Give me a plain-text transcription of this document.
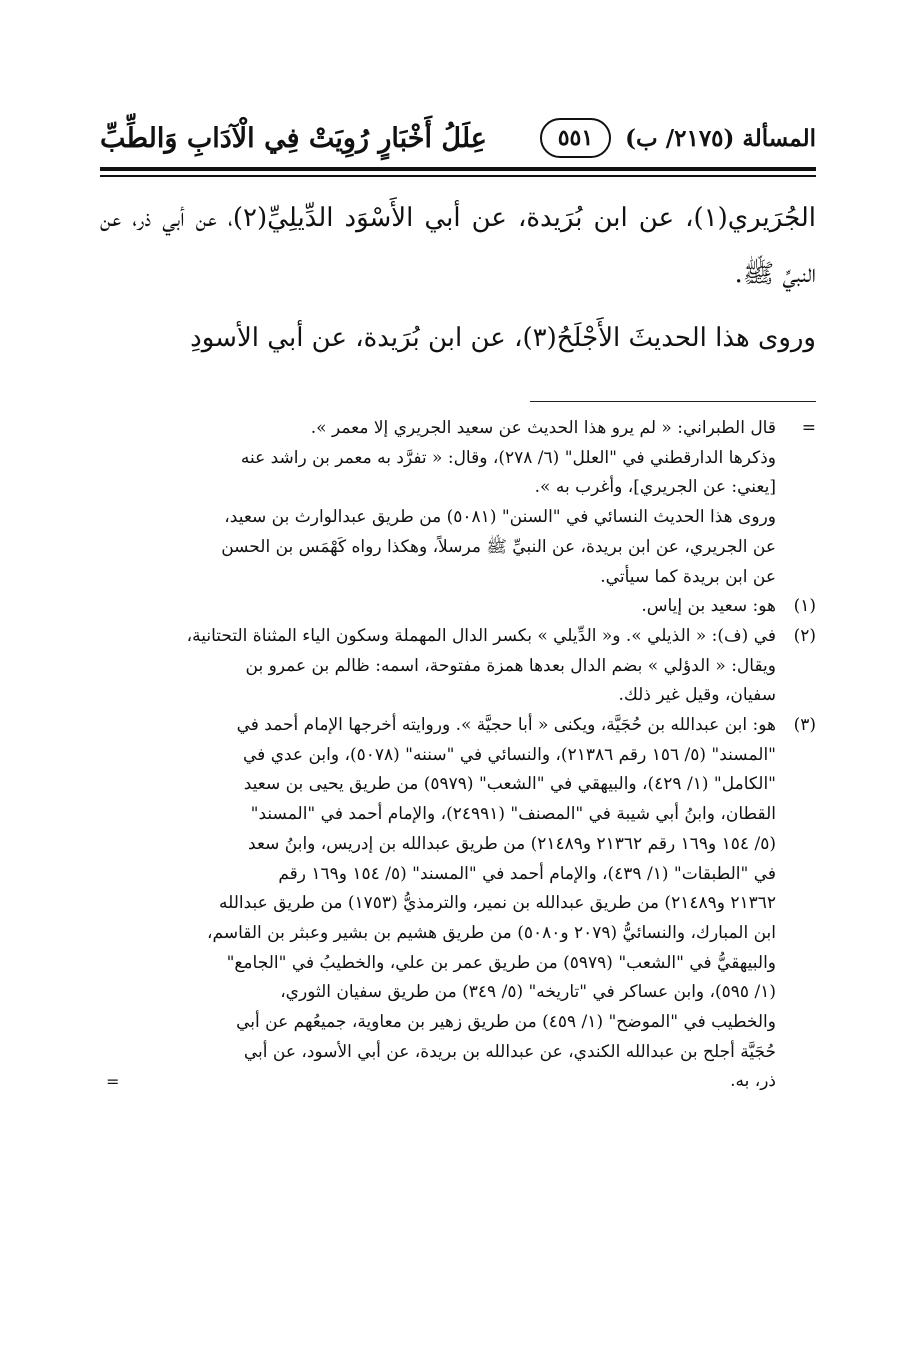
عِلَلُ أَخْبَارٍ رُوِيَتْ فِي الْآدَابِ وَالطِّبِّ	المسألة (٢١٧٥/ ب)
٥٥١

الجُرَيري(١)، عن ابن بُرَيدة، عن أبي الأَسْوَد الدِّيلِيِّ(٢)، عن أبي ذر، عن النبيِّ ﷺ.

وروى هذا الحديثَ الأَجْلَحُ(٣)، عن ابن بُرَيدة، عن أبي الأسودِ

=
قال الطبراني: « لم يرو هذا الحديث عن سعيد الجريري إلا معمر ».
وذكرها الدارقطني في "العلل" (٦/ ٢٧٨)، وقال: « تفرَّد به معمر بن راشد عنه
[يعني: عن الجريري]، وأغرب به ».
وروى هذا الحديث النسائي في "السنن" (٥٠٨١) من طريق عبدالوارث بن سعيد،
عن الجريري، عن ابن بريدة، عن النبيِّ ﷺ مرسلاً، وهكذا رواه كَهْمَس بن الحسن
عن ابن بريدة كما سيأتي.
(١)
هو: سعيد بن إياس.
(٢)
في (ف): « الذيلي ». و« الدِّيلي » بكسر الدال المهملة وسكون الياء المثناة التحتانية،
ويقال: « الدؤلي » بضم الدال بعدها همزة مفتوحة، اسمه: ظالم بن عمرو بن
سفيان، وقيل غير ذلك.
(٣)
هو: ابن عبدالله بن حُجَيَّة، ويكنى « أبا حجيَّة ». وروايته أخرجها الإمام أحمد في
"المسند" (٥/ ١٥٦ رقم ٢١٣٨٦)، والنسائي في "سننه" (٥٠٧٨)، وابن عدي في
"الكامل" (١/ ٤٢٩)، والبيهقي في "الشعب" (٥٩٧٩) من طريق يحيى بن سعيد
القطان، وابنُ أبي شيبة في "المصنف" (٢٤٩٩١)، والإمام أحمد في "المسند"
(٥/ ١٥٤ و١٦٩ رقم ٢١٣٦٢ و٢١٤٨٩) من طريق عبدالله بن إدريس، وابنُ سعد
في "الطبقات" (١/ ٤٣٩)، والإمام أحمد في "المسند" (٥/ ١٥٤ و١٦٩ رقم
٢١٣٦٢ و٢١٤٨٩) من طريق عبدالله بن نمير، والترمذيُّ (١٧٥٣) من طريق عبدالله
ابن المبارك، والنسائيُّ (٢٠٧٩ و٥٠٨٠) من طريق هشيم بن بشير وعبثر بن القاسم،
والبيهقيُّ في "الشعب" (٥٩٧٩) من طريق عمر بن علي، والخطيبُ في "الجامع"
(١/ ٥٩٥)، وابن عساكر في "تاريخه" (٥/ ٣٤٩) من طريق سفيان الثوري،
والخطيب في "الموضح" (١/ ٤٥٩) من طريق زهير بن معاوية، جميعُهم عن أبي
حُجَيَّة أجلح بن عبدالله الكندي، عن عبدالله بن بريدة، عن أبي الأسود، عن أبي
=	ذر، به.
